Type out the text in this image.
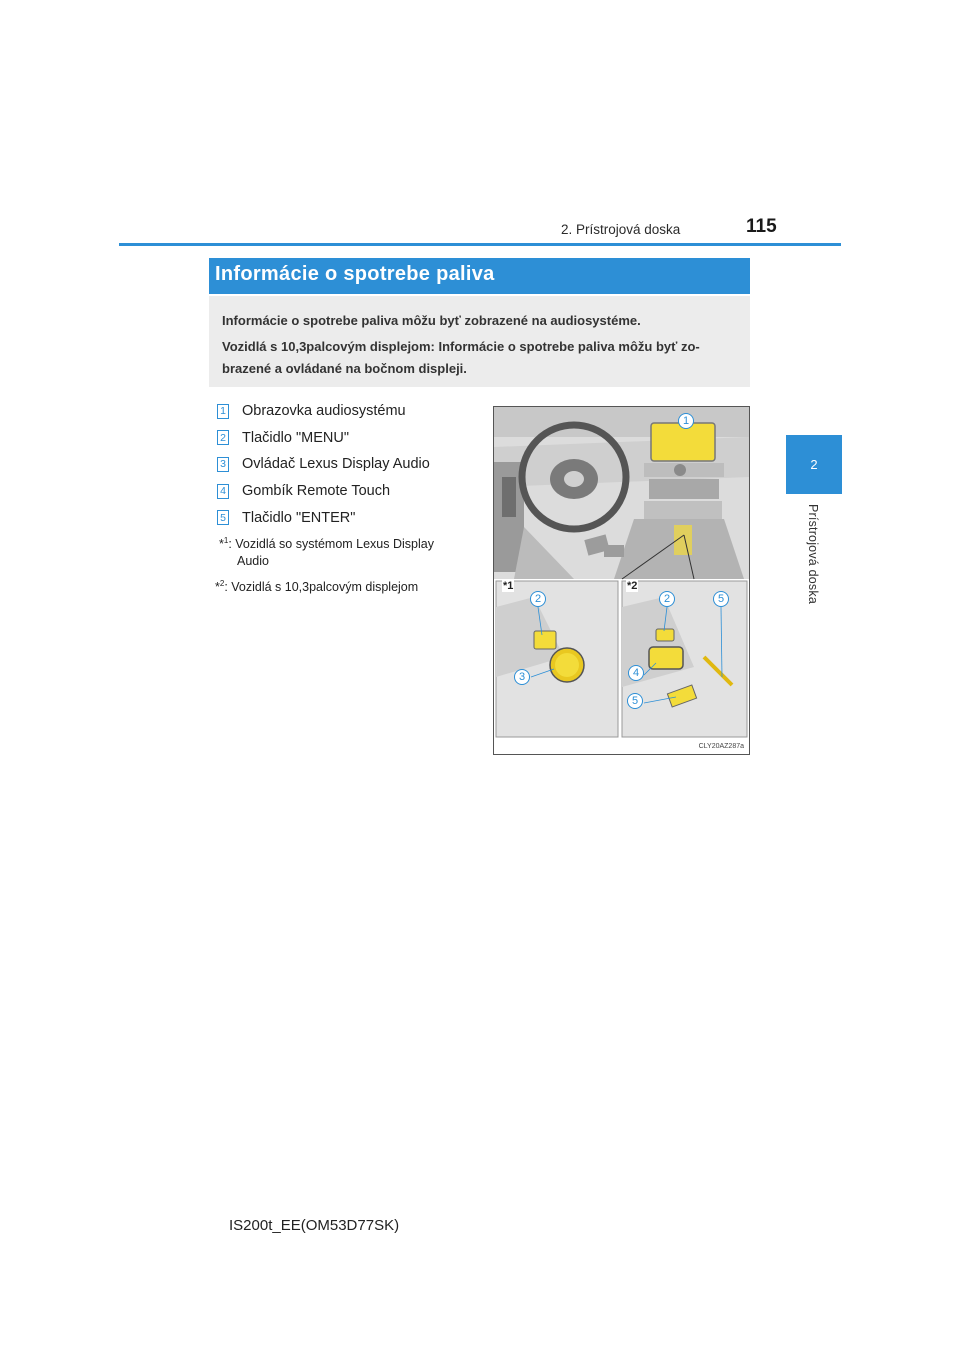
2. Prístrojová doska	115
2
Prístrojová doska
Informácie o spotrebe paliva

Informácie o spotrebe paliva môžu byť zobrazené na audiosystéme.

Vozidlá s 10,3palcovým displejom: Informácie o spotrebe paliva môžu byť zo-

brazené a ovládané na bočnom displeji.

1 Obrazovka audiosystému
2 Tlačidlo "MENU"
3 Ovládač Lexus Display Audio
4 Gombík Remote Touch
5 Tlačidlo "ENTER"
*$^1$: Vozidlá so systémom Lexus Display
Audio
*$^2$: Vozidlá s 10,3palcovým displejom	*1	*2
1
2
3
2
4
5
5
CLY20AZ287a
IS200t_EE(OM53D77SK)
